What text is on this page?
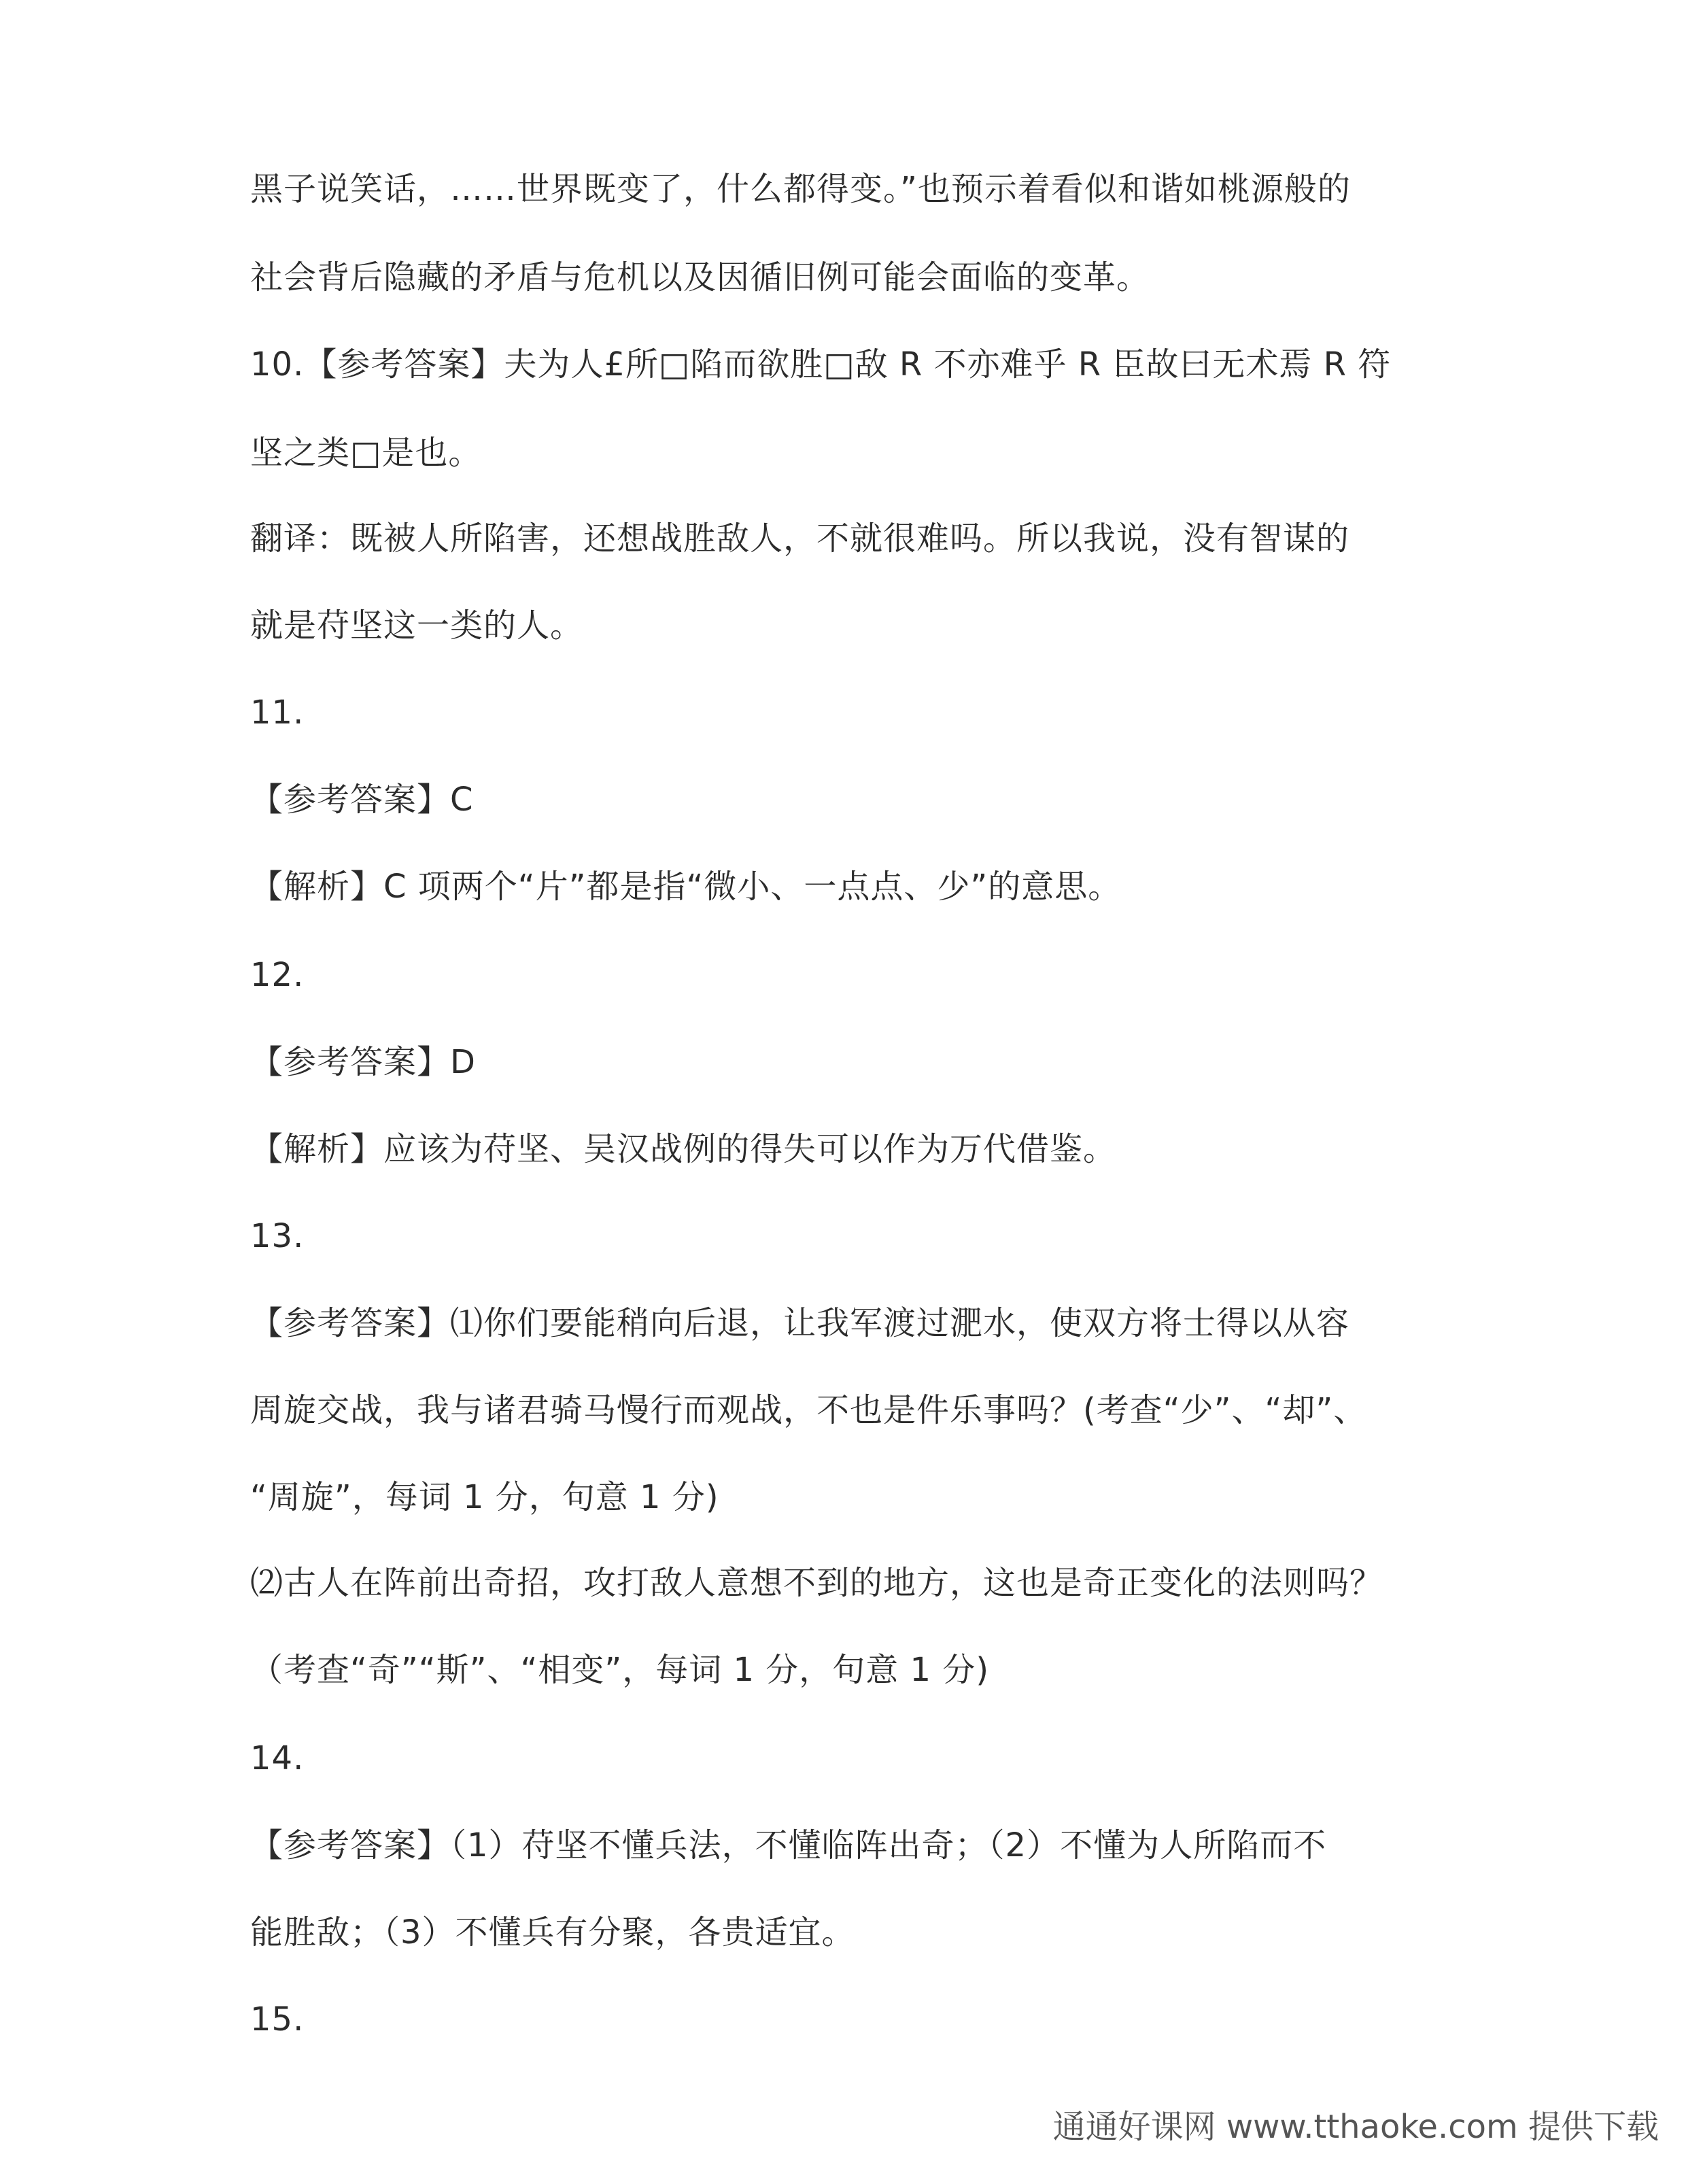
黑子说笑话，……世界既变了，什么都得变。”也预示着看似和谐如桃源般的
社会背后隐藏的矛盾与危机以及因循旧例可能会面临的变革。
10.【参考答案】夫为人£所□陷而欲胜□敌 R 不亦难乎 R 臣故曰无术焉 R 符
坚之类□是也。
翻译：既被人所陷害，还想战胜敌人，不就很难吗。所以我说，没有智谋的
就是苻坚这一类的人。
11.
【参考答案】C
【解析】C 项两个“片”都是指“微小、一点点、少”的意思。
12.
【参考答案】D
【解析】应该为苻坚、吴汉战例的得失可以作为万代借鉴。
13.
【参考答案】⑴你们要能稍向后退，让我军渡过淝水，使双方将士得以从容
周旋交战，我与诸君骑马慢行而观战，不也是件乐事吗？(考查“少”、“却”、
“周旋”，每词 1 分，句意 1 分)
⑵古人在阵前出奇招，攻打敌人意想不到的地方，这也是奇正变化的法则吗？
（考查“奇”“斯”、“相变”，每词 1 分，句意 1 分)
14.
【参考答案】（1）苻坚不懂兵法，不懂临阵出奇；（2）不懂为人所陷而不
能胜敌；（3）不懂兵有分聚，各贵适宜。
15.
通通好课网 www.tthaoke.com 提供下载
